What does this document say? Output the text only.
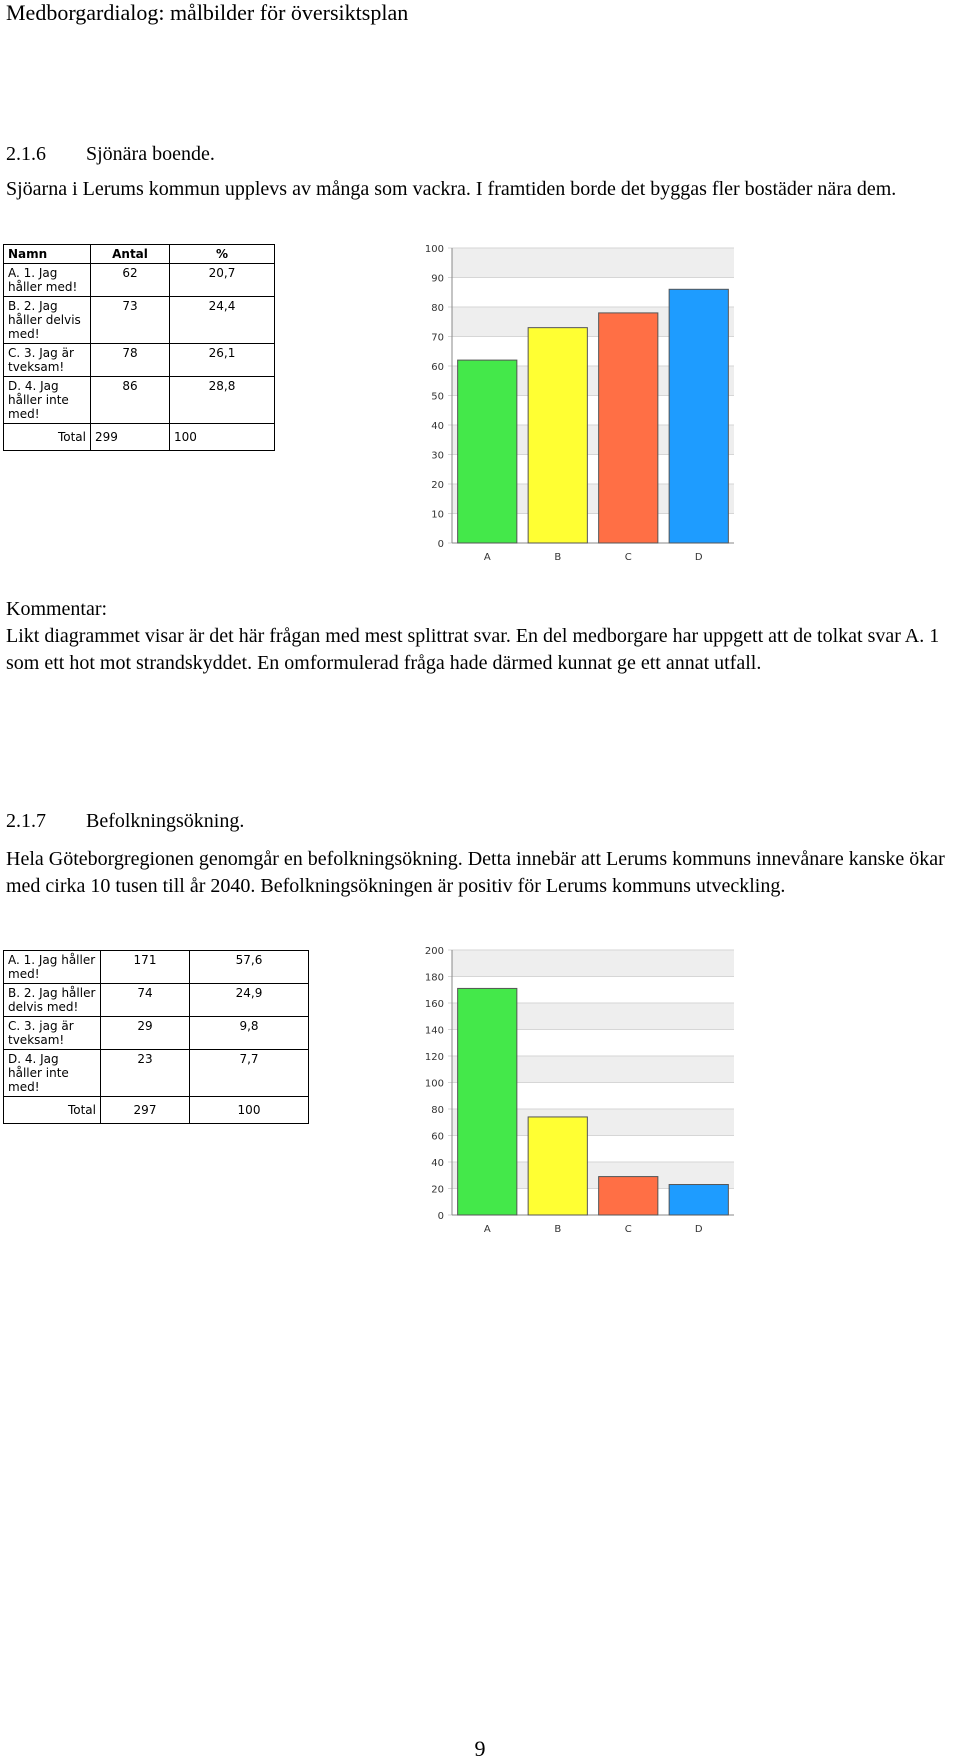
Medborgardialog: målbilder för översiktsplan
2.1.6 Sjönära boende.
Sjöarna i Lerums kommun upplevs av många som vackra. I framtiden borde det byggas fler bostäder nära dem.
Namn	Antal	%
A. 1. Jag håller med!	62	20,7
B. 2. Jag håller delvis med!	73	24,4
C. 3. Jag är tveksam!	78	26,1
D. 4. Jag håller inte med!	86	28,8
Total	299	100
0
10
20
30
40
50
60
70
80
90
100
A	B	C	D
Kommentar:
Likt diagrammet visar är det här frågan med mest splittrat svar. En del medborgare har uppgett att de tolkat svar A. 1 som ett hot mot strandskyddet. En omformulerad fråga hade därmed kunnat ge ett annat utfall.
2.1.7 Befolkningsökning.
Hela Göteborgregionen genomgår en befolkningsökning. Detta innebär att Lerums kommuns innevånare kanske ökar med cirka 10 tusen till år 2040. Befolkningsökningen är positiv för Lerums kommuns utveckling.
A. 1. Jag håller med!	171	57,6
B. 2. Jag håller delvis med!	74	24,9
C. 3. jag är tveksam!	29	9,8
D. 4. Jag håller inte med!	23	7,7
Total	297	100
0
20
40
60
80
100
120
140
160
180
200
A	B	C	D
9
